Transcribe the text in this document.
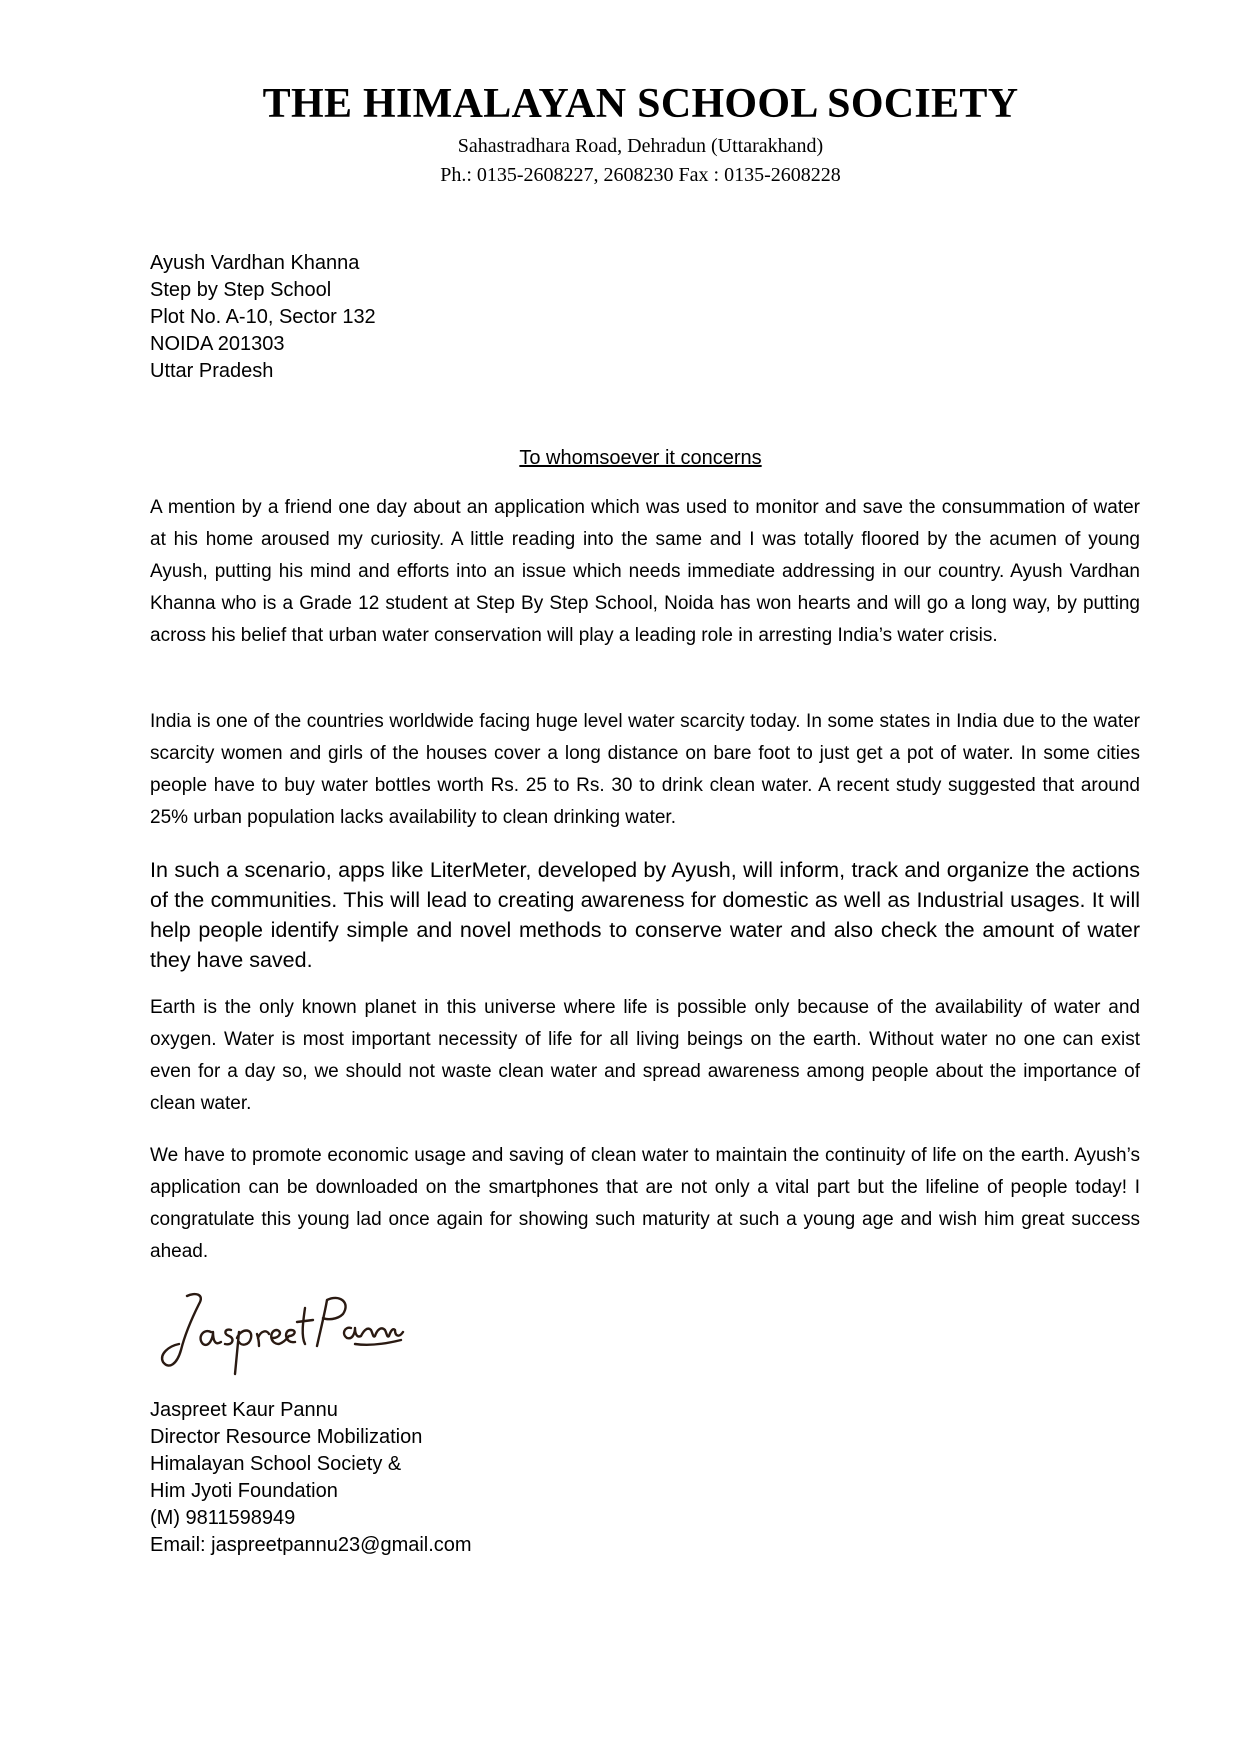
THE HIMALAYAN SCHOOL SOCIETY

Sahastradhara Road, Dehradun (Uttarakhand)

Ph.: 0135-2608227, 2608230 Fax : 0135-2608228

Ayush Vardhan Khanna
Step by Step School
Plot No. A-10, Sector 132
NOIDA 201303
Uttar Pradesh
To whomsoever it concerns

A mention by a friend one day about an application which was used to monitor and save the consummation of water at his home aroused my curiosity. A little reading into the same and I was totally floored by the acumen of young Ayush, putting his mind and efforts into an issue which needs immediate addressing in our country. Ayush Vardhan Khanna who is a Grade 12 student at Step By Step School, Noida has won hearts and will go a long way, by putting across his belief that urban water conservation will play a leading role in arresting India’s water crisis.

India is one of the countries worldwide facing huge level water scarcity today. In some states in India due to the water scarcity women and girls of the houses cover a long distance on bare foot to just get a pot of water. In some cities people have to buy water bottles worth Rs. 25 to Rs. 30 to drink clean water. A recent study suggested that around 25% urban population lacks availability to clean drinking water.

In such a scenario, apps like LiterMeter, developed by Ayush, will inform, track and organize the actions of the communities. This will lead to creating awareness for domestic as well as Industrial usages. It will help people identify simple and novel methods to conserve water and also check the amount of water they have saved.

Earth is the only known planet in this universe where life is possible only because of the availability of water and oxygen. Water is most important necessity of life for all living beings on the earth. Without water no one can exist even for a day so, we should not waste clean water and spread awareness among people about the importance of clean water.

We have to promote economic usage and saving of clean water to maintain the continuity of life on the earth. Ayush’s application can be downloaded on the smartphones that are not only a vital part but the lifeline of people today! I congratulate this young lad once again for showing such maturity at such a young age and wish him great success ahead.

Jaspreet Kaur Pannu
Director Resource Mobilization
Himalayan School Society &
Him Jyoti Foundation
(M) 9811598949
Email: jaspreetpannu23@gmail.com
